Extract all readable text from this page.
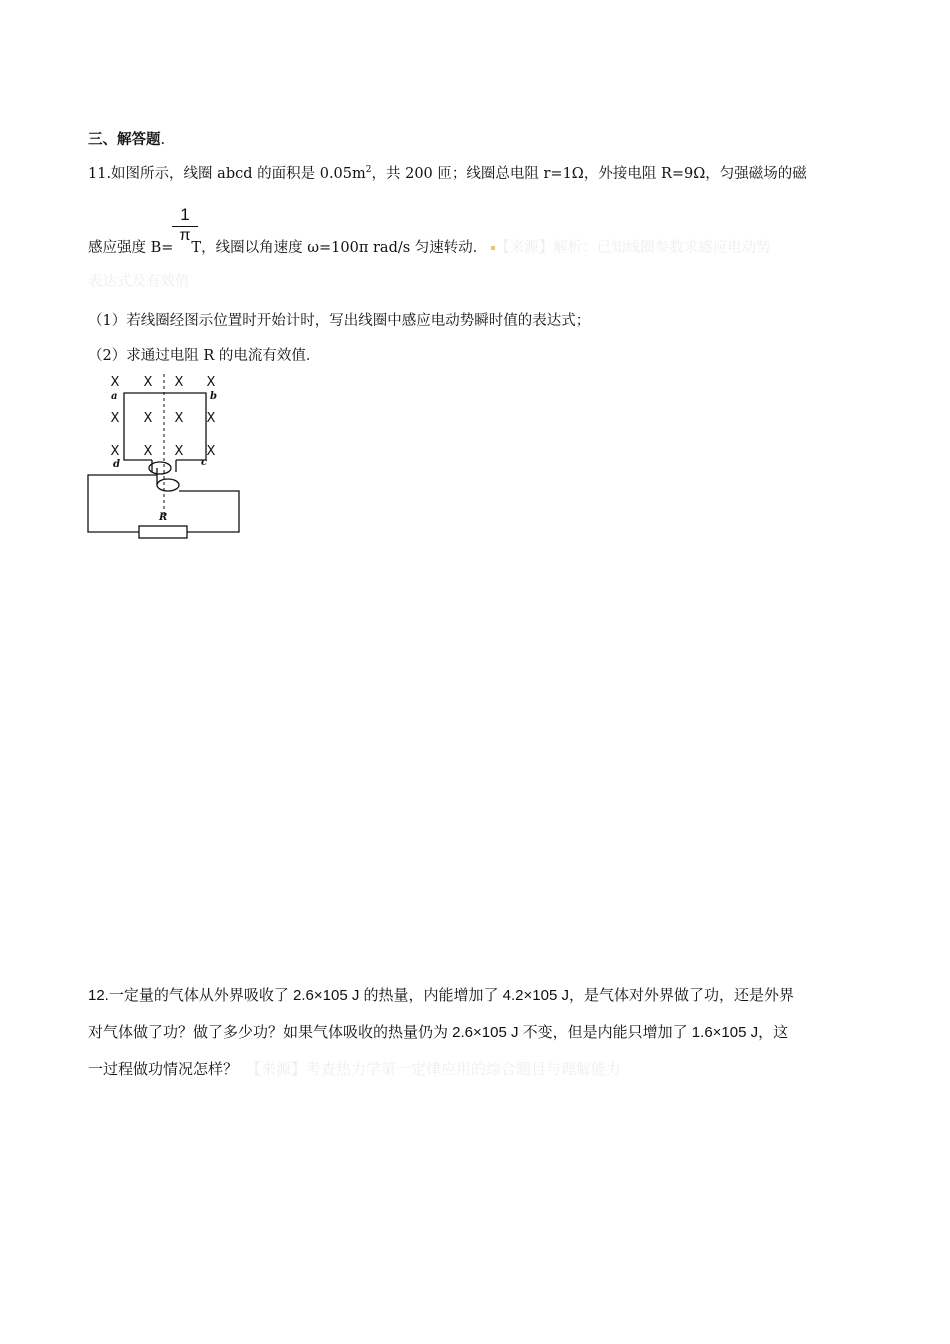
三、解答题.
11.如图所示，线圈 abcd 的面积是 $0.05m^2$，共 200 匝；线圈总电阻 r=1Ω，外接电阻 R=9Ω，匀强磁场的磁
1
π
感应强度 B= T，线圈以角速度 ω=100π rad/s 匀速转动． 【来源】解析：已知线圈参数求感应电动势
表达式及有效值
（1）若线圈经图示位置时开始计时，写出线圈中感应电动势瞬时值的表达式；
（2）求通过电阻 R 的电流有效值．
X X X X
X X X X
X X X X
a	b
c
d
R
12.一定量的气体从外界吸收了 2.6×105 J 的热量，内能增加了 4.2×105 J，是气体对外界做了功，还是外界
对气体做了功？做了多少功？如果气体吸收的热量仍为 2.6×105 J 不变，但是内能只增加了 1.6×105 J，这
一过程做功情况怎样？ 【来源】考查热力学第一定律应用的综合题目与理解能力
